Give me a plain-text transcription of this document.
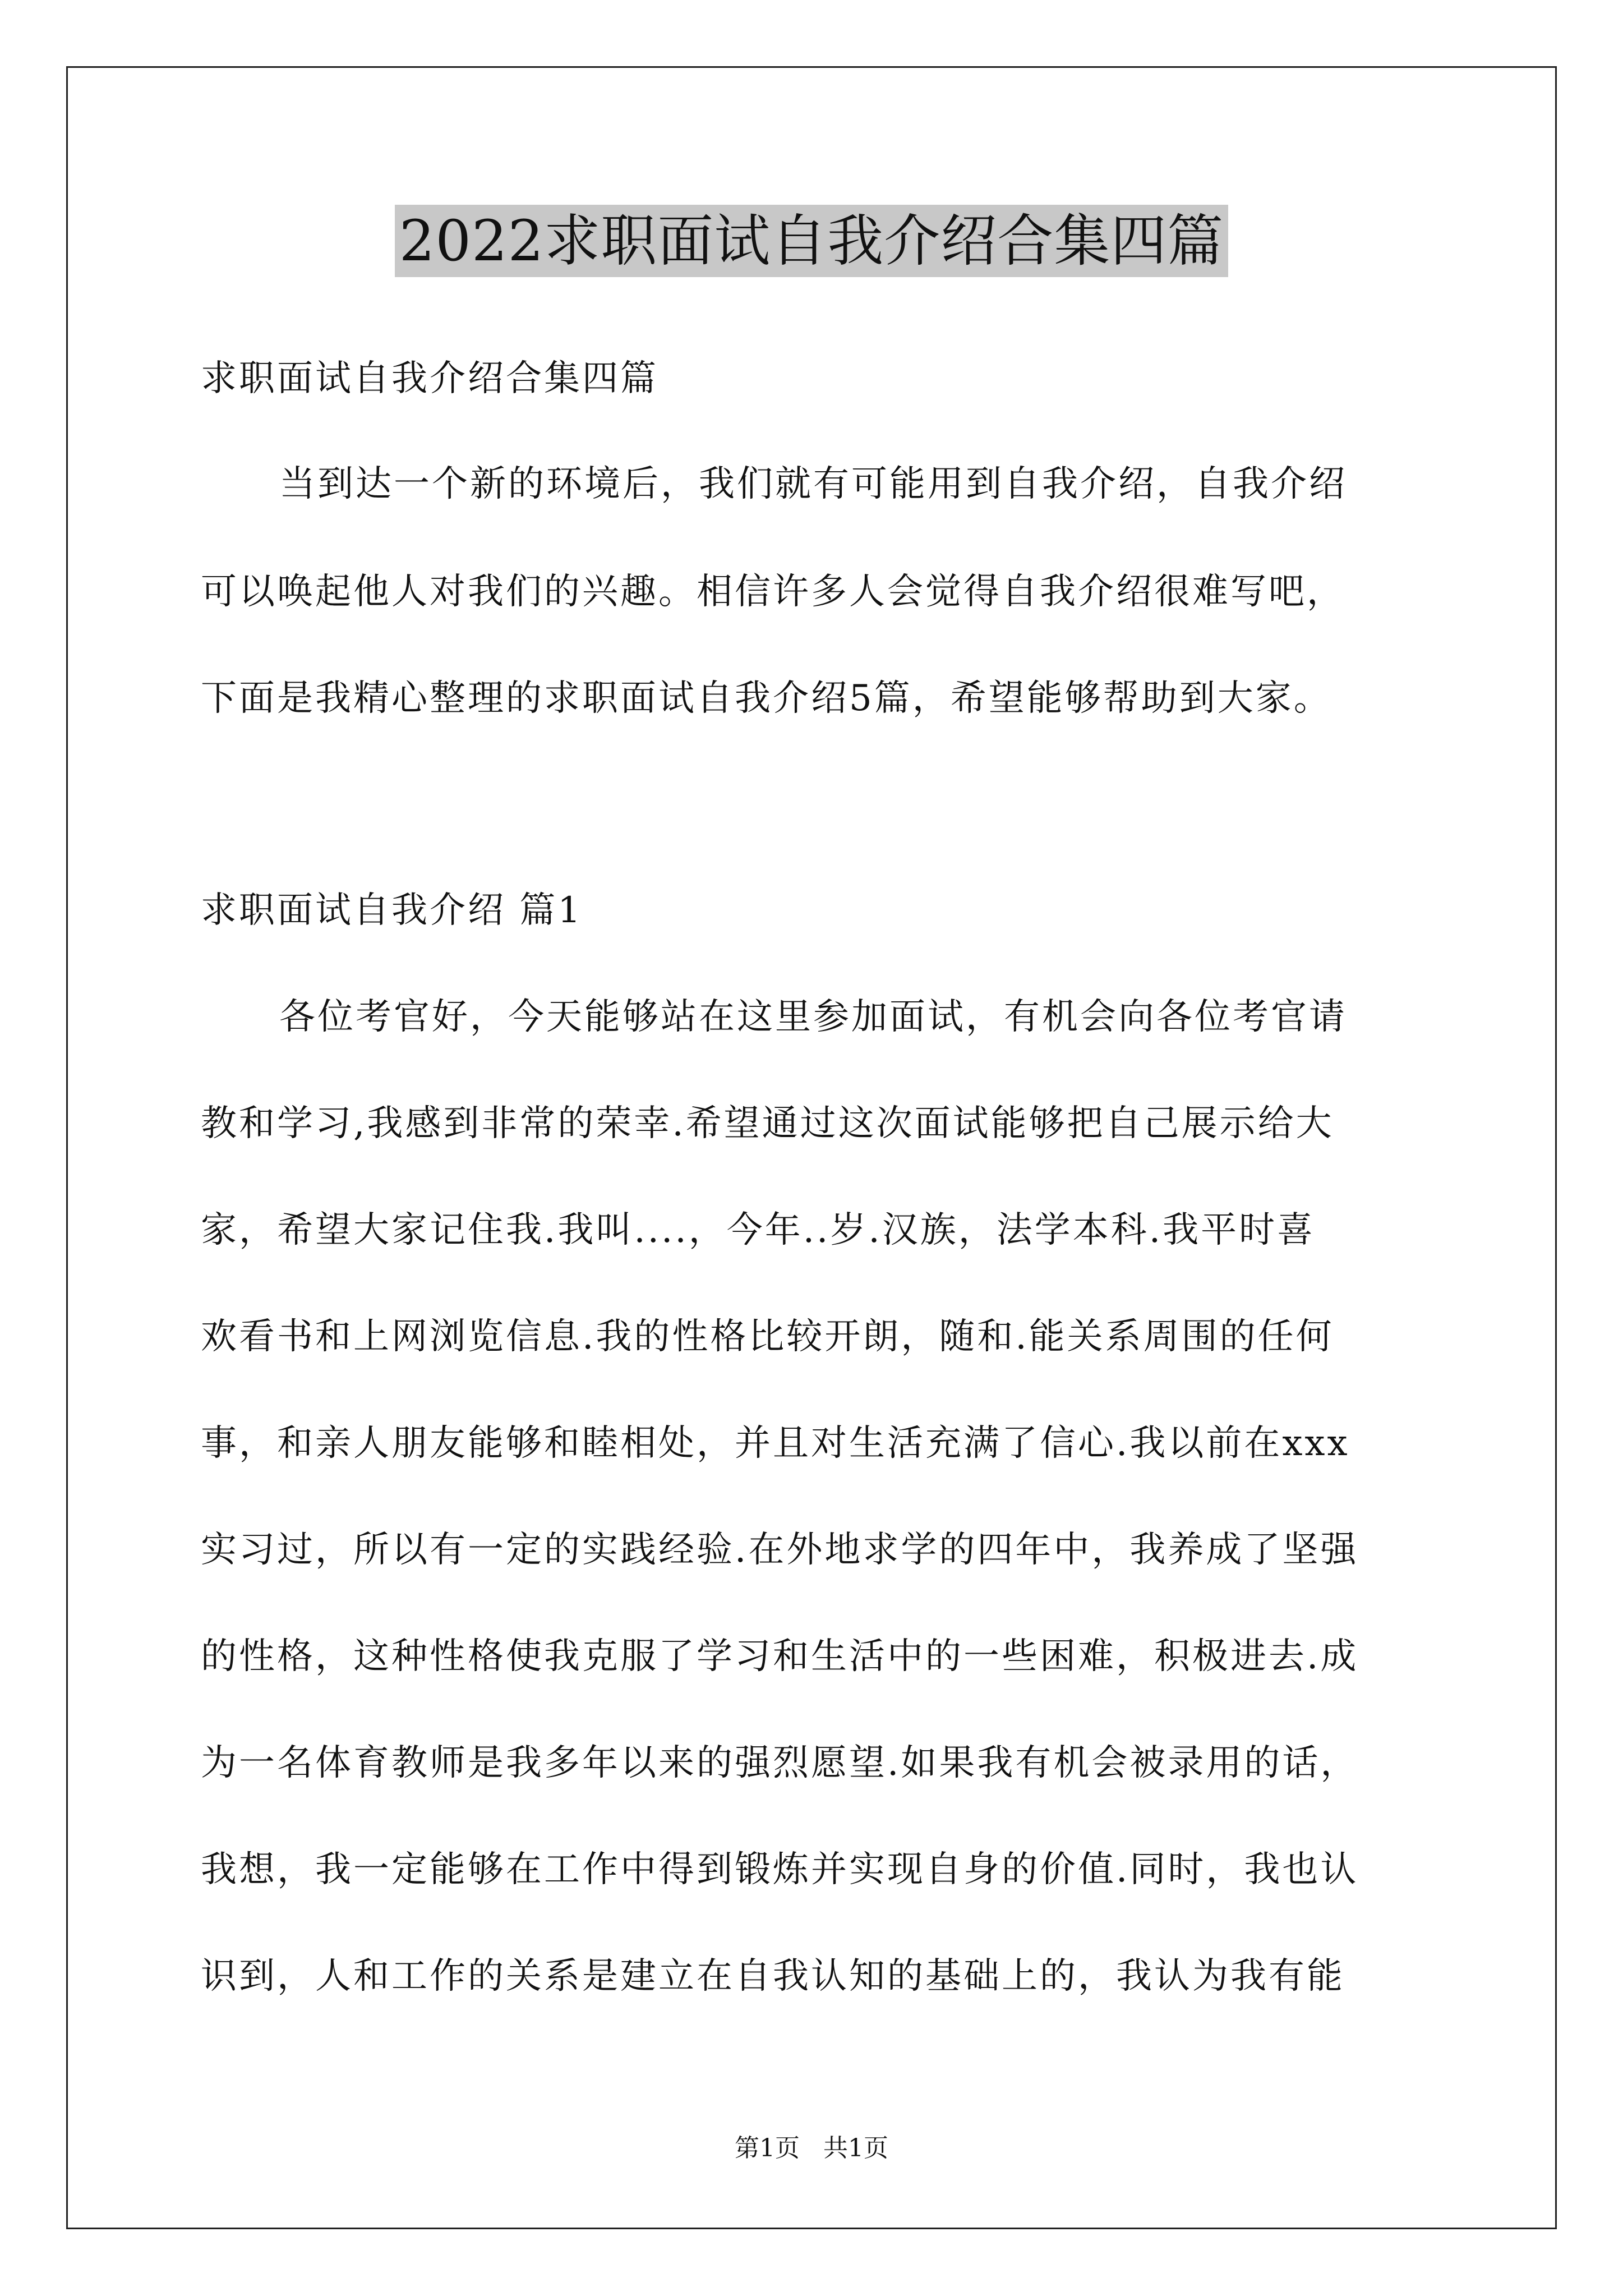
2022求职面试自我介绍合集四篇
求职面试自我介绍合集四篇
当到达一个新的环境后，我们就有可能用到自我介绍，自我介绍
可以唤起他人对我们的兴趣。相信许多人会觉得自我介绍很难写吧，
下面是我精心整理的求职面试自我介绍5篇，希望能够帮助到大家。
求职面试自我介绍 篇1
各位考官好，今天能够站在这里参加面试，有机会向各位考官请
教和学习,我感到非常的荣幸.希望通过这次面试能够把自己展示给大
家，希望大家记住我.我叫....，今年..岁.汉族，法学本科.我平时喜
欢看书和上网浏览信息.我的性格比较开朗，随和.能关系周围的任何
事，和亲人朋友能够和睦相处，并且对生活充满了信心.我以前在xxx
实习过，所以有一定的实践经验.在外地求学的四年中，我养成了坚强
的性格，这种性格使我克服了学习和生活中的一些困难，积极进去.成
为一名体育教师是我多年以来的强烈愿望.如果我有机会被录用的话，
我想，我一定能够在工作中得到锻炼并实现自身的价值.同时，我也认
识到，人和工作的关系是建立在自我认知的基础上的，我认为我有能
第1页   共1页
